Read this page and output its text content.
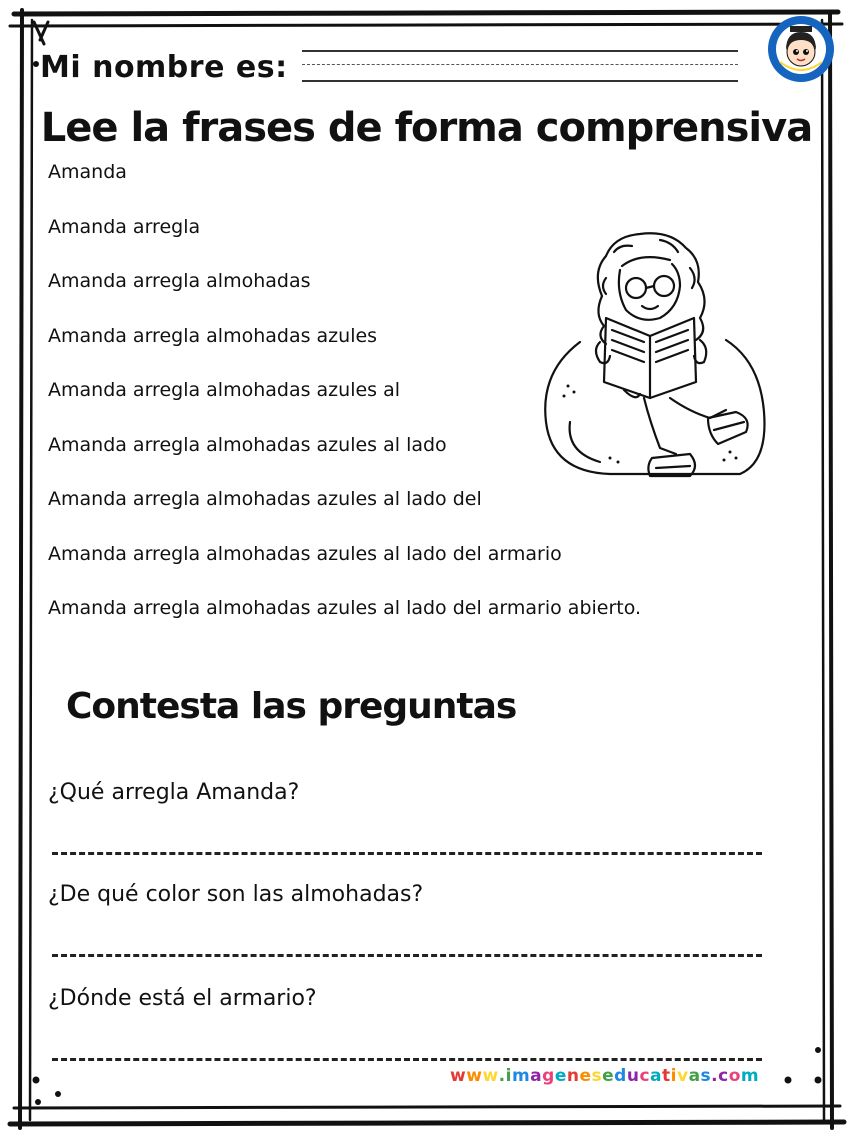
Mi nombre es:
Lee la frases de forma comprensiva
Amanda
Amanda arregla
Amanda arregla almohadas
Amanda arregla almohadas azules
Amanda arregla almohadas azules al
Amanda arregla almohadas azules al lado
Amanda arregla almohadas azules al lado del
Amanda arregla almohadas azules al lado del armario
Amanda arregla almohadas azules al lado del armario abierto.
Contesta las preguntas
¿Qué arregla Amanda?
¿De qué color son las almohadas?
¿Dónde está el armario?
www.imageneseducativas.com
